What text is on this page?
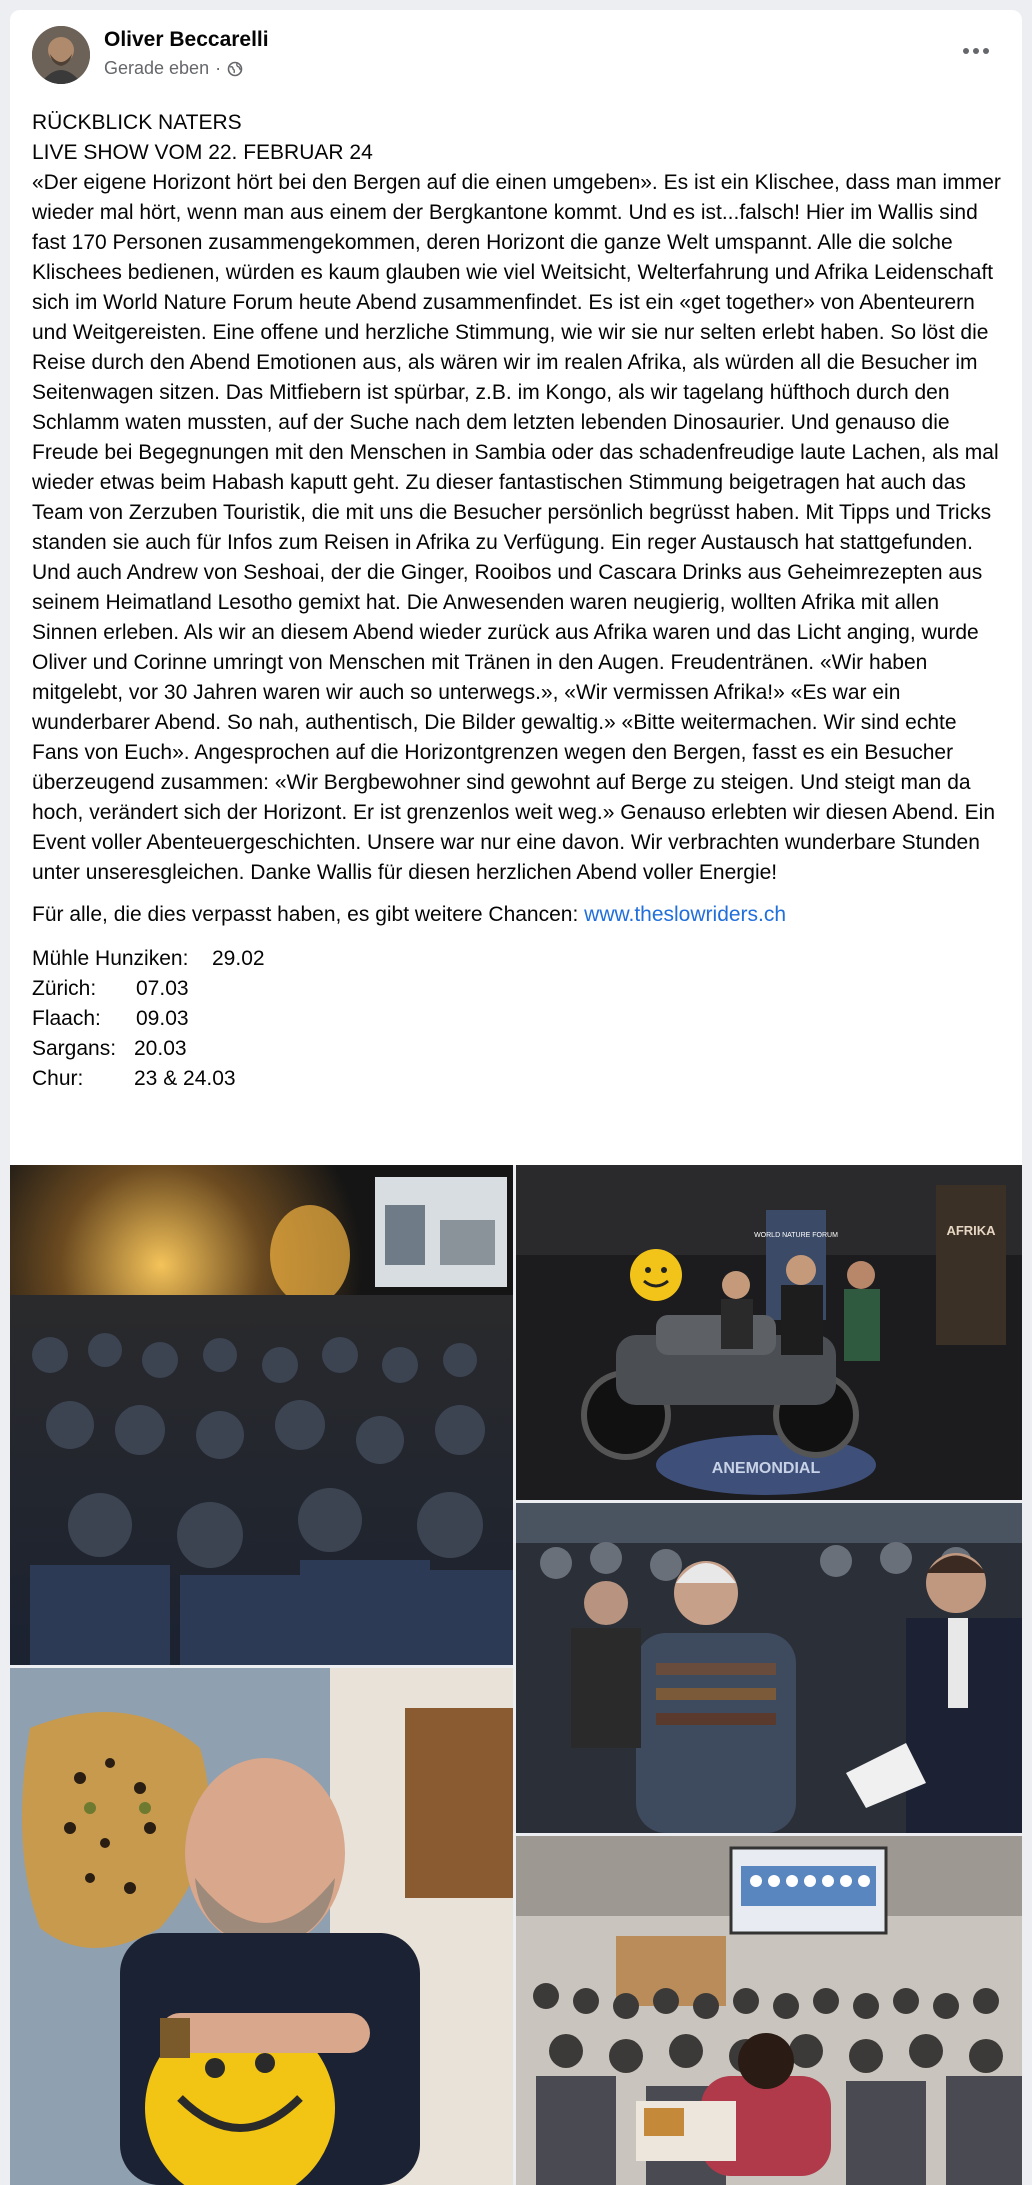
Oliver Beccarelli
Gerade eben ·
RÜCKBLICK NATERS
LIVE SHOW VOM 22. FEBRUAR 24

«Der eigene Horizont hört bei den Bergen auf die einen umgeben». Es ist ein Klischee, dass man immer wieder mal hört, wenn man aus einem der Bergkantone kommt. Und es ist...falsch! Hier im Wallis sind fast 170 Personen zusammengekommen, deren Horizont die ganze Welt umspannt. Alle die solche Klischees bedienen, würden es kaum glauben wie viel Weitsicht, Welterfahrung und Afrika Leidenschaft sich im World Nature Forum heute Abend zusammenfindet. Es ist ein «get together» von Abenteurern und Weitgereisten. Eine offene und herzliche Stimmung, wie wir sie nur selten erlebt haben. So löst die Reise durch den Abend Emotionen aus, als wären wir im realen Afrika, als würden all die Besucher im Seitenwagen sitzen. Das Mitfiebern ist spürbar, z.B. im Kongo, als wir tagelang hüfthoch durch den Schlamm waten mussten, auf der Suche nach dem letzten lebenden Dinosaurier. Und genauso die Freude bei Begegnungen mit den Menschen in Sambia oder das schadenfreudige laute Lachen, als mal wieder etwas beim Habash kaputt geht. Zu dieser fantastischen Stimmung beigetragen hat auch das Team von Zerzuben Touristik, die mit uns die Besucher persönlich begrüsst haben. Mit Tipps und Tricks standen sie auch für Infos zum Reisen in Afrika zu Verfügung. Ein reger Austausch hat stattgefunden. Und auch Andrew von Seshoai, der die Ginger, Rooibos und Cascara Drinks aus Geheimrezepten aus seinem Heimatland Lesotho gemixt hat. Die Anwesenden waren neugierig, wollten Afrika mit allen Sinnen erleben. Als wir an diesem Abend wieder zurück aus Afrika waren und das Licht anging, wurde Oliver und Corinne umringt von Menschen mit Tränen in den Augen. Freudentränen. «Wir haben mitgelebt, vor 30 Jahren waren wir auch so unterwegs.», «Wir vermissen Afrika!» «Es war ein wunderbarer Abend. So nah, authentisch, Die Bilder gewaltig.» «Bitte weitermachen. Wir sind echte Fans von Euch». Angesprochen auf die Horizontgrenzen wegen den Bergen, fasst es ein Besucher überzeugend zusammen: «Wir Bergbewohner sind gewohnt auf Berge zu steigen. Und steigt man da hoch, verändert sich der Horizont. Er ist grenzenlos weit weg.» Genauso erlebten wir diesen Abend. Ein Event voller Abenteuergeschichten. Unsere war nur eine davon. Wir verbrachten wunderbare Stunden unter unseresgleichen. Danke Wallis für diesen herzlichen Abend voller Energie!

Für alle, die dies verpasst haben, es gibt weitere Chancen: www.theslowriders.ch

Mühle Hunziken:	29.02
Zürich:	07.03
Flaach:	09.03
Sargans: 20.03
Chur:	23 & 24.03
WORLD NATURE FORUM	AFRIKA
ANEMONDIAL
